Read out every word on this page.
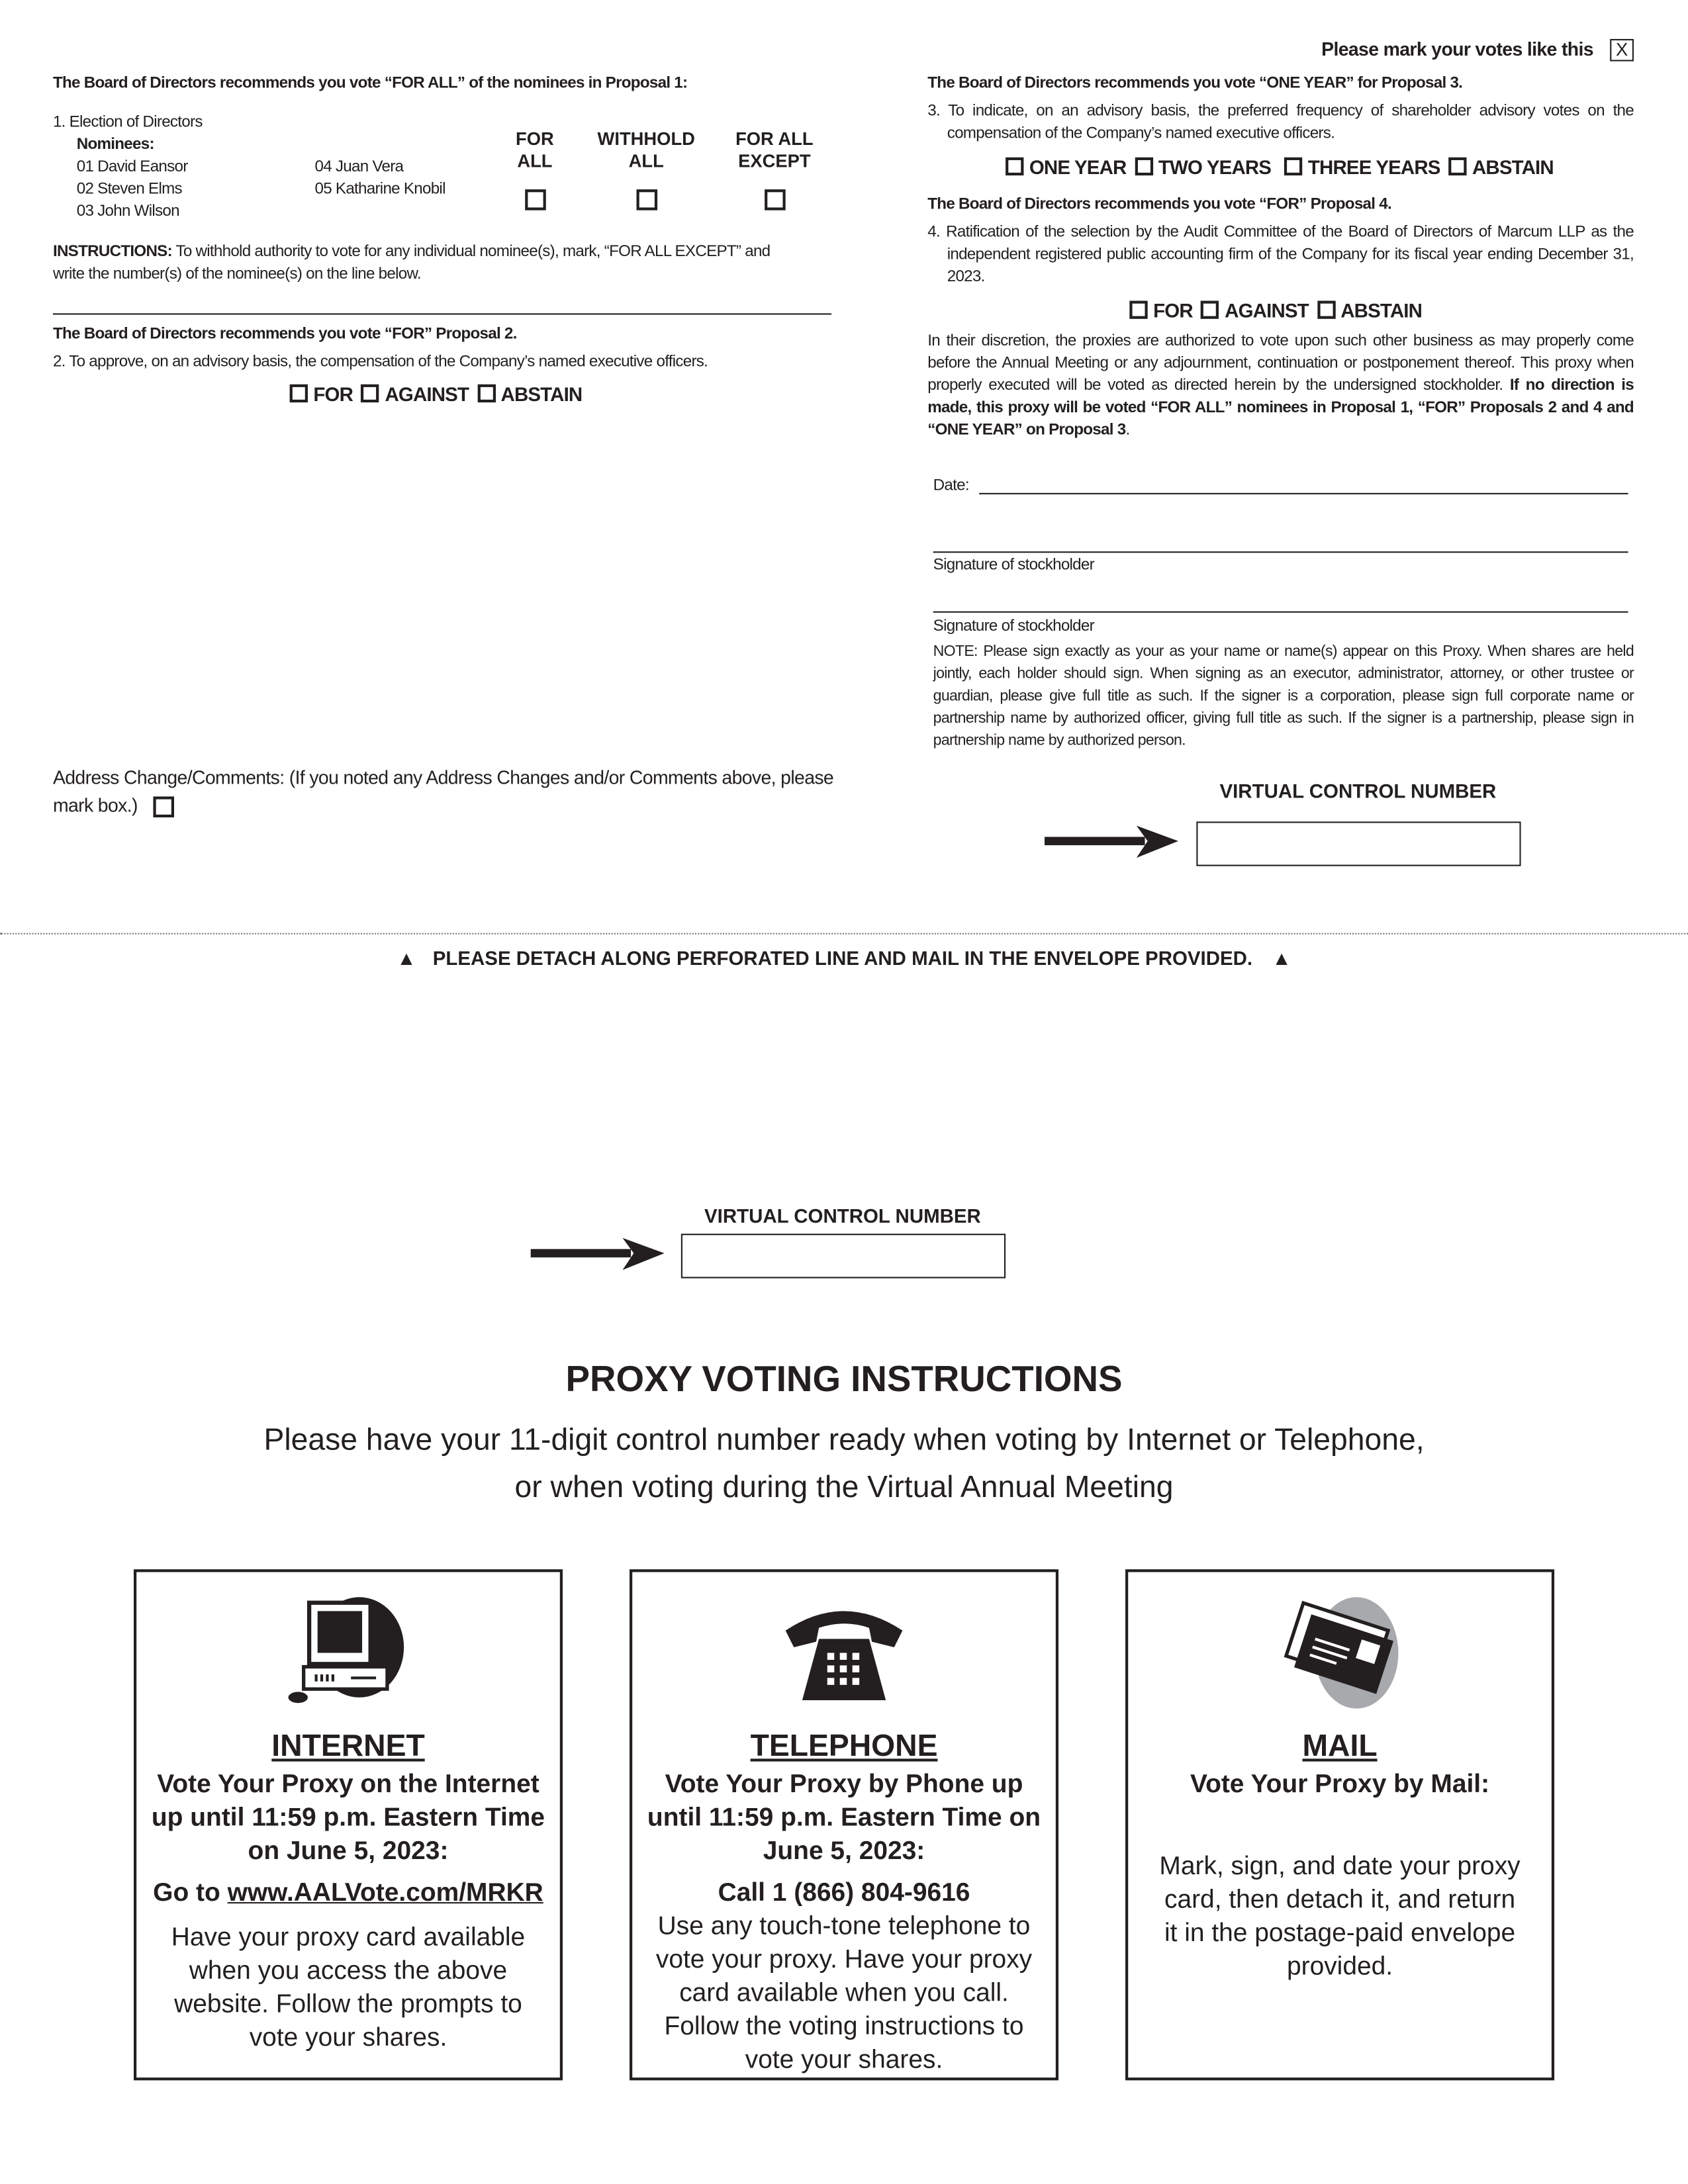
Please mark your votes like this	X
The Board of Directors recommends you vote “FOR ALL” of the nominees in Proposal 1:
1. Election of Directors
Nominees:
01 David Eansor
02 Steven Elms
03 John Wilson
04 Juan Vera
05 Katharine Knobil
FOR
ALL
WITHHOLD
ALL
FOR ALL
EXCEPT
INSTRUCTIONS: To withhold authority to vote for any individual nominee(s), mark, “FOR ALL EXCEPT” and
write the number(s) of the nominee(s) on the line below.
The Board of Directors recommends you vote “FOR” Proposal 2.
2. To approve, on an advisory basis, the compensation of the Company’s named executive officers.
FOR	AGAINST	ABSTAIN
Address Change/Comments: (If you noted any Address Changes and/or Comments above, please
mark box.)
The Board of Directors recommends you vote “ONE YEAR” for Proposal 3.
3. To indicate, on an advisory basis, the preferred frequency of shareholder advisory votes on the compensation of the Company’s named executive officers.
ONE YEAR	TWO YEARS	THREE YEARS	ABSTAIN
The Board of Directors recommends you vote “FOR” Proposal 4.
4. Ratification of the selection by the Audit Committee of the Board of Directors of Marcum LLP as the independent registered public accounting firm of the Company for its fiscal year ending December 31, 2023.
FOR	AGAINST	ABSTAIN
In their discretion, the proxies are authorized to vote upon such other business as may properly come before the Annual Meeting or any adjournment, continuation or postponement thereof. This proxy when properly executed will be voted as directed herein by the undersigned stockholder. If no direction is made, this proxy will be voted “FOR ALL” nominees in Proposal 1, “FOR” Proposals 2 and 4 and “ONE YEAR” on Proposal 3.
Date:
Signature of stockholder
Signature of stockholder
NOTE: Please sign exactly as your as your name or name(s) appear on this Proxy. When shares are held jointly, each holder should sign. When signing as an executor, administrator, attorney, or other trustee or guardian, please give full title as such. If the signer is a corporation, please sign full corporate name or partnership name by authorized officer, giving full title as such. If the signer is a partnership, please sign in partnership name by authorized person.
VIRTUAL CONTROL NUMBER
▲ PLEASE DETACH ALONG PERFORATED LINE AND MAIL IN THE ENVELOPE PROVIDED. ▲
VIRTUAL CONTROL NUMBER
PROXY VOTING INSTRUCTIONS
Please have your 11-digit control number ready when voting by Internet or Telephone,
or when voting during the Virtual Annual Meeting
INTERNET
Vote Your Proxy on the Internet
up until 11:59 p.m. Eastern Time
on June 5, 2023:
Go to www.AALVote.com/MRKR
Have your proxy card available
when you access the above
website. Follow the prompts to
vote your shares.
TELEPHONE
Vote Your Proxy by Phone up
until 11:59 p.m. Eastern Time on
June 5, 2023:
Call 1 (866) 804-9616
Use any touch-tone telephone to
vote your proxy. Have your proxy
card available when you call.
Follow the voting instructions to
vote your shares.
MAIL
Vote Your Proxy by Mail:
Mark, sign, and date your proxy
card, then detach it, and return
it in the postage-paid envelope
provided.
